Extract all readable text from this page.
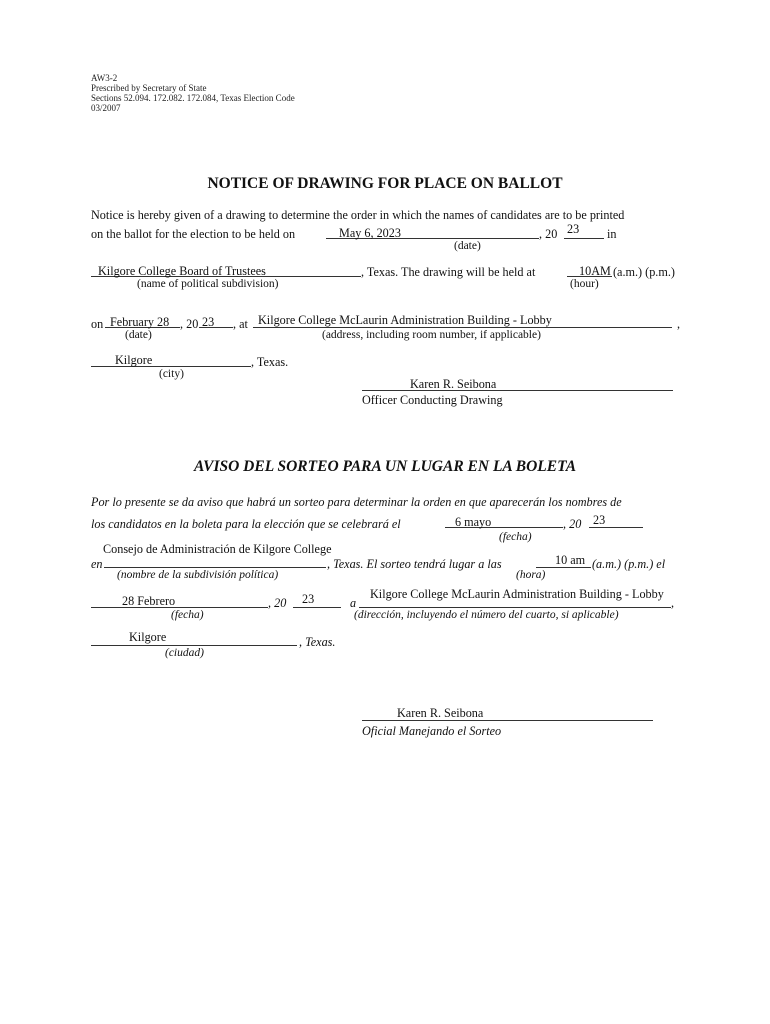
AW3-2
Prescribed by Secretary of State
Sections 52.094. 172.082. 172.084, Texas Election Code
03/2007
NOTICE OF DRAWING FOR PLACE ON BALLOT
Notice is hereby given of a drawing to determine the order in which the names of candidates are to be printed
on the ballot for the election to be held on	May 6, 2023	, 20 23 in
(date)
Kilgore College Board of Trustees	, Texas. The drawing will be held at	10AM (a.m.) (p.m.)
(name of political subdivision)	(hour)
on February 28 , 20 23 , at Kilgore College McLaurin Administration Building - Lobby	,
(date)	(address, including room number, if applicable)
Kilgore	, Texas.
(city)
Karen R. Seibona
Officer Conducting Drawing
AVISO DEL SORTEO PARA UN LUGAR EN LA BOLETA
Por lo presente se da aviso que habrá un sorteo para determinar la orden en que aparecerán los nombres de
los candidatos en la boleta para la elección que se celebrará el	6 mayo	, 20 23
(fecha)
Consejo de Administración de Kilgore College
en	, Texas. El sorteo tendrá lugar a las	10 am (a.m.) (p.m.) el
(nombre de la subdivisión política)	(hora)
28 Febrero	, 20 23	a
Kilgore College McLaurin Administration Building - Lobby
,
(fecha)	(dirección, incluyendo el número del cuarto, si aplicable)
Kilgore	, Texas.
(ciudad)
Karen R. Seibona
Oficial Manejando el Sorteo
